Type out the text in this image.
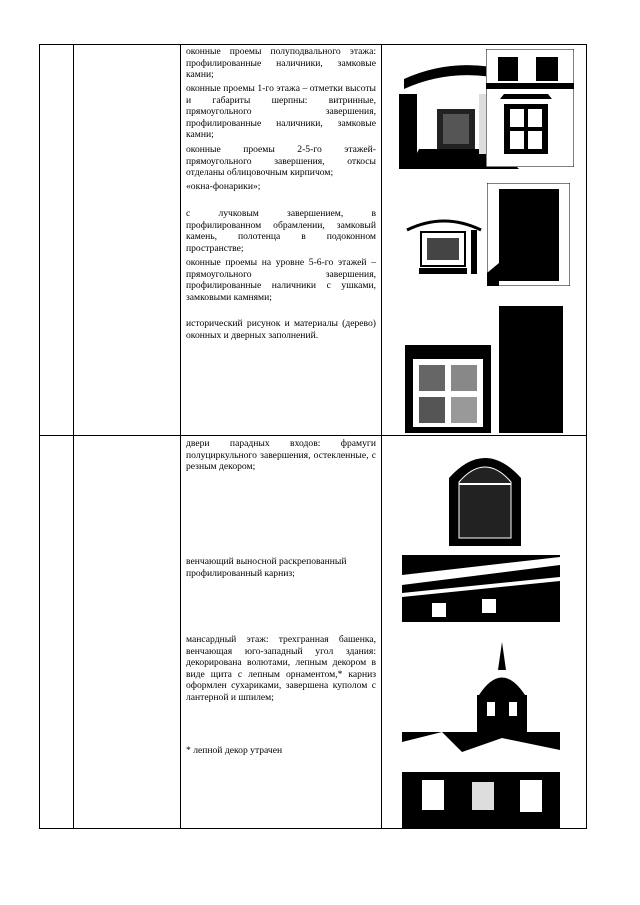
оконные проемы полуподвального этажа: профилированные наличники, замковые камни;

оконные проемы 1-го этажа – отметки высоты и габариты шерпны: витринные, прямоугольного завершения, профилированные наличники, замковые камни;

оконные проемы 2-5-го этажей-прямоугольного завершения, откосы отделаны облицовочным кирпичом;

«окна-фонарики»;

с лучковым завершением, в профилированном обрамлении, замковый камень, полотенца в подоконном пространстве;

оконные проемы на уровне 5-6-го этажей – прямоугольного завершения, профилированные наличники с ушками, замковыми камнями;

исторический рисунок и материалы (дерево) оконных и дверных заполнений.

двери парадных входов: фрамуги полуциркульного завершения, остекленные, с резным декором;

венчающий выносной раскрепованный профилированный карниз;

мансардный этаж: трехгранная башенка, венчающая юго-западный угол здания: декорирована волютами, лепным декором в виде щита с лепным орнаментом,* карниз оформлен сухариками, завершена куполом с лантерной и шпилем;

* лепной декор утрачен
